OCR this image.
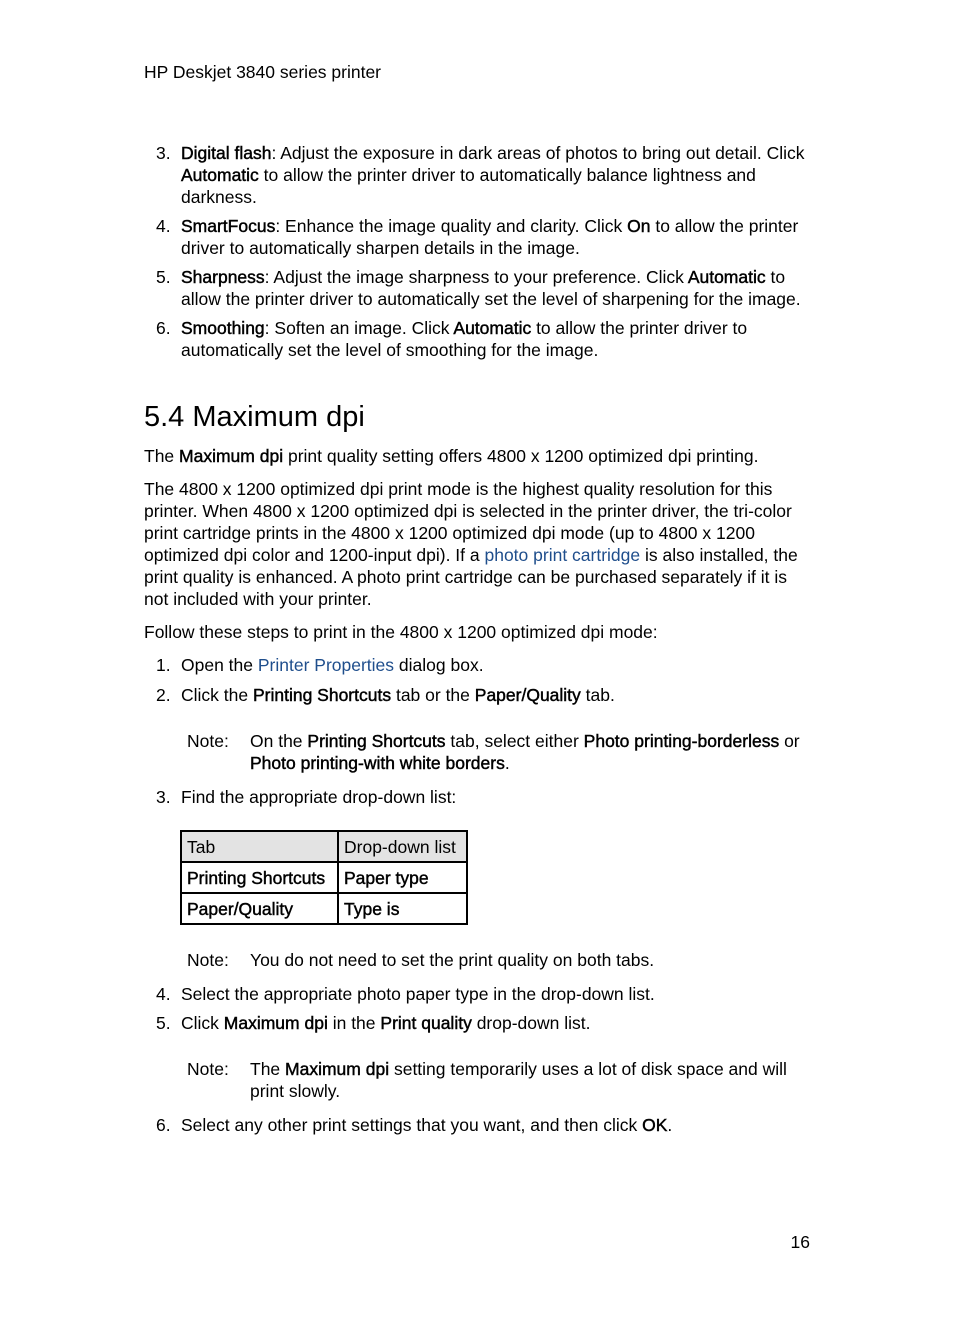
HP Deskjet 3840 series printer
3. Digital flash: Adjust the exposure in dark areas of photos to bring out detail. Click Automatic to allow the printer driver to automatically balance lightness and darkness.
4. SmartFocus: Enhance the image quality and clarity. Click On to allow the printer driver to automatically sharpen details in the image.
5. Sharpness: Adjust the image sharpness to your preference. Click Automatic to allow the printer driver to automatically set the level of sharpening for the image.
6. Smoothing: Soften an image. Click Automatic to allow the printer driver to automatically set the level of smoothing for the image.
5.4 Maximum dpi
The Maximum dpi print quality setting offers 4800 x 1200 optimized dpi printing.
The 4800 x 1200 optimized dpi print mode is the highest quality resolution for this printer. When 4800 x 1200 optimized dpi is selected in the printer driver, the tri-color print cartridge prints in the 4800 x 1200 optimized dpi mode (up to 4800 x 1200 optimized dpi color and 1200-input dpi). If a photo print cartridge is also installed, the print quality is enhanced. A photo print cartridge can be purchased separately if it is not included with your printer.
Follow these steps to print in the 4800 x 1200 optimized dpi mode:
1. Open the Printer Properties dialog box.
2. Click the Printing Shortcuts tab or the Paper/Quality tab.
Note: On the Printing Shortcuts tab, select either Photo printing-borderless or Photo printing-with white borders.
3. Find the appropriate drop-down list:
Tab	Drop-down list
Printing Shortcuts	Paper type
Paper/Quality	Type is
Note: You do not need to set the print quality on both tabs.
4. Select the appropriate photo paper type in the drop-down list.
5. Click Maximum dpi in the Print quality drop-down list.
Note: The Maximum dpi setting temporarily uses a lot of disk space and will print slowly.
6. Select any other print settings that you want, and then click OK.
16
